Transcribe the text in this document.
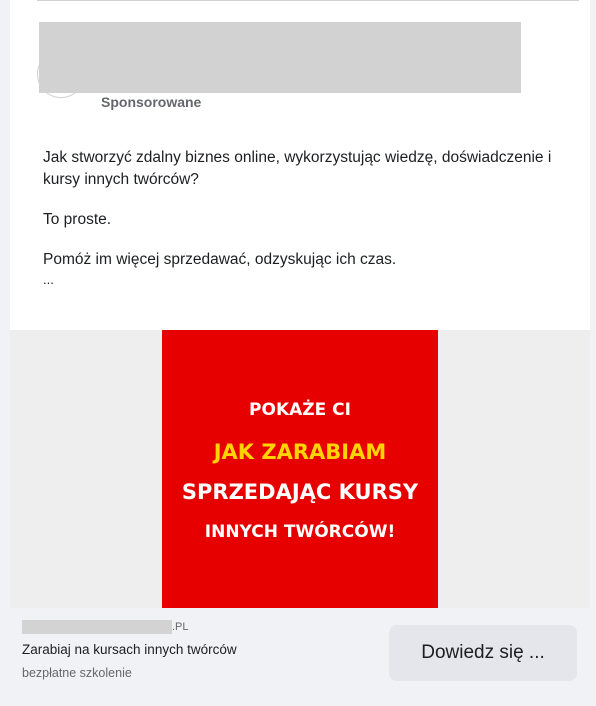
Sponsorowane

Jak stworzyć zdalny biznes online, wykorzystując wiedzę, doświadczenie i kursy innych twórców?

To proste.

Pomóż im więcej sprzedawać, odzyskując ich czas.

...

POKAŻE CI
JAK ZARABIAM
SPRZEDAJĄC KURSY
INNYCH TWÓRCÓW!
.PL
Zarabiaj na kursach innych twórców
bezpłatne szkolenie
Dowiedz się ...
